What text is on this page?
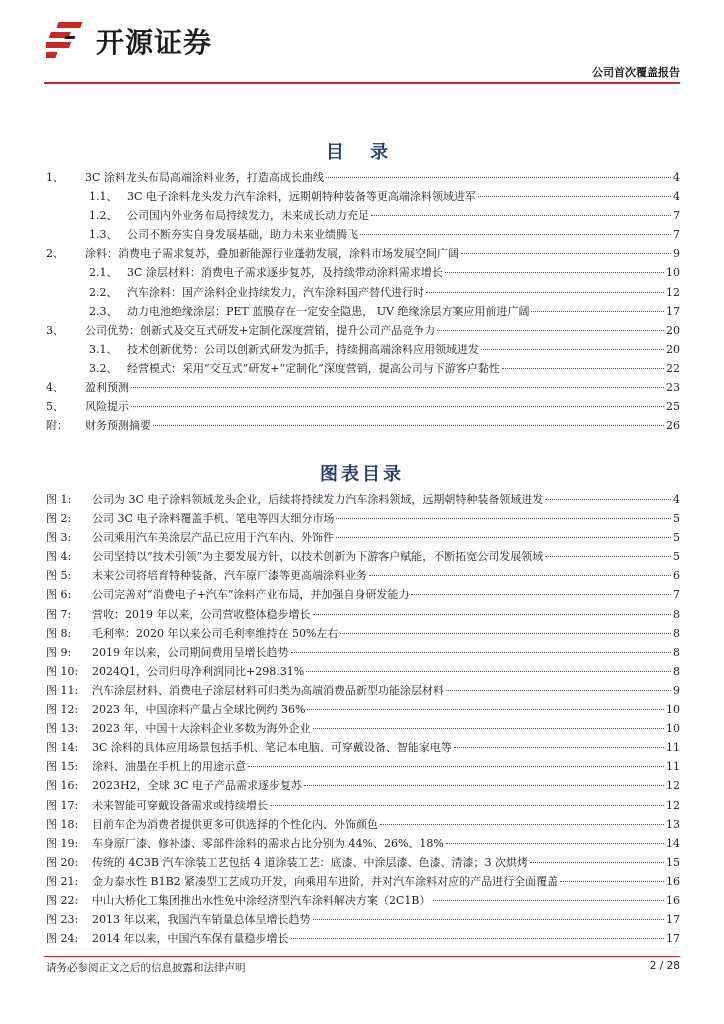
开源证券
公司首次覆盖报告
目 录
1、	3C 涂料龙头布局高端涂料业务，打造高成长曲线	4
1.1、 3C 电子涂料龙头发力汽车涂料，远期朝特种装备等更高端涂料领域进军	4
1.2、 公司国内外业务布局持续发力，未来成长动力充足	7
1.3、 公司不断夯实自身发展基础，助力未来业绩腾飞	7
2、	涂料：消费电子需求复苏，叠加新能源行业蓬勃发展，涂料市场发展空间广阔	9
2.1、 3C 涂层材料：消费电子需求逐步复苏，及持续带动涂料需求增长	10
2.2、 汽车涂料：国产涂料企业持续发力，汽车涂料国产替代进行时	12
2.3、 动力电池绝缘涂层：PET 蓝膜存在一定安全隐患， UV 绝缘涂层方案应用前进广阔	17
3、	公司优势：创新式及交互式研发+定制化深度营销，提升公司产品竞争力	20
3.1、 技术创新优势：公司以创新式研发为抓手，持续拥高端涂料应用领域进发	20
3.2、 经营模式：采用“交互式”研发+“定制化”深度营销，提高公司与下游客户黏性	22
4、	盈利预测	23
5、	风险提示	25
附：	财务预测摘要	26
图表目录
图 1:	公司为 3C 电子涂料领域龙头企业，后续将持续发力汽车涂料领域，远期朝特种装备领域进发	4
图 2:	公司 3C 电子涂料覆盖手机、笔电等四大细分市场	5
图 3:	公司乘用汽车美涂层产品已应用于汽车内、外饰件	5
图 4:	公司坚持以“技术引领”为主要发展方针，以技术创新为下游客户赋能，不断拓宽公司发展领域	5
图 5:	未来公司将培育特种装备、汽车原厂漆等更高端涂料业务	6
图 6:	公司完善对“消费电子+汽车”涂料产业布局，并加强自身研发能力	7
图 7:	营收：2019 年以来，公司营收整体稳步增长	8
图 8:	毛利率：2020 年以来公司毛利率维持在 50%左右	8
图 9:	2019 年以来，公司期间费用呈增长趋势	8
图 10:	2024Q1，公司归母净利润同比+298.31%	8
图 11:	汽车涂层材料、消费电子涂层材料可归类为高端消费品新型功能涂层材料	9
图 12:	2023 年，中国涂料产量占全球比例约 36%	10
图 13:	2023 年，中国十大涂料企业多数为海外企业	10
图 14:	3C 涂料的具体应用场景包括手机、笔记本电脑、可穿戴设备、智能家电等	11
图 15:	涂料、油墨在手机上的用途示意	11
图 16:	2023H2，全球 3C 电子产品需求逐步复苏	12
图 17:	未来智能可穿戴设备需求或持续增长	12
图 18:	目前车企为消费者提供更多可供选择的个性化内、外饰颜色	13
图 19:	车身原厂漆、修补漆、零部件涂料的需求占比分别为 44%、26%、18%	14
图 20:	传统的 4C3B 汽车涂装工艺包括 4 道涂装工艺：底漆、中涂层漆、色漆、清漆；3 次烘烤	15
图 21:	金力泰水性 B1B2 紧凑型工艺成功开发，向乘用车进阶，并对汽车涂料对应的产品进行全面覆盖	16
图 22:	中山大桥化工集团推出水性免中涂经济型汽车涂料解决方案（2C1B）	16
图 23:	2013 年以来，我国汽车销量总体呈增长趋势	17
图 24:	2014 年以来，中国汽车保有量稳步增长	17
请务必参阅正文之后的信息披露和法律声明	2 / 28
